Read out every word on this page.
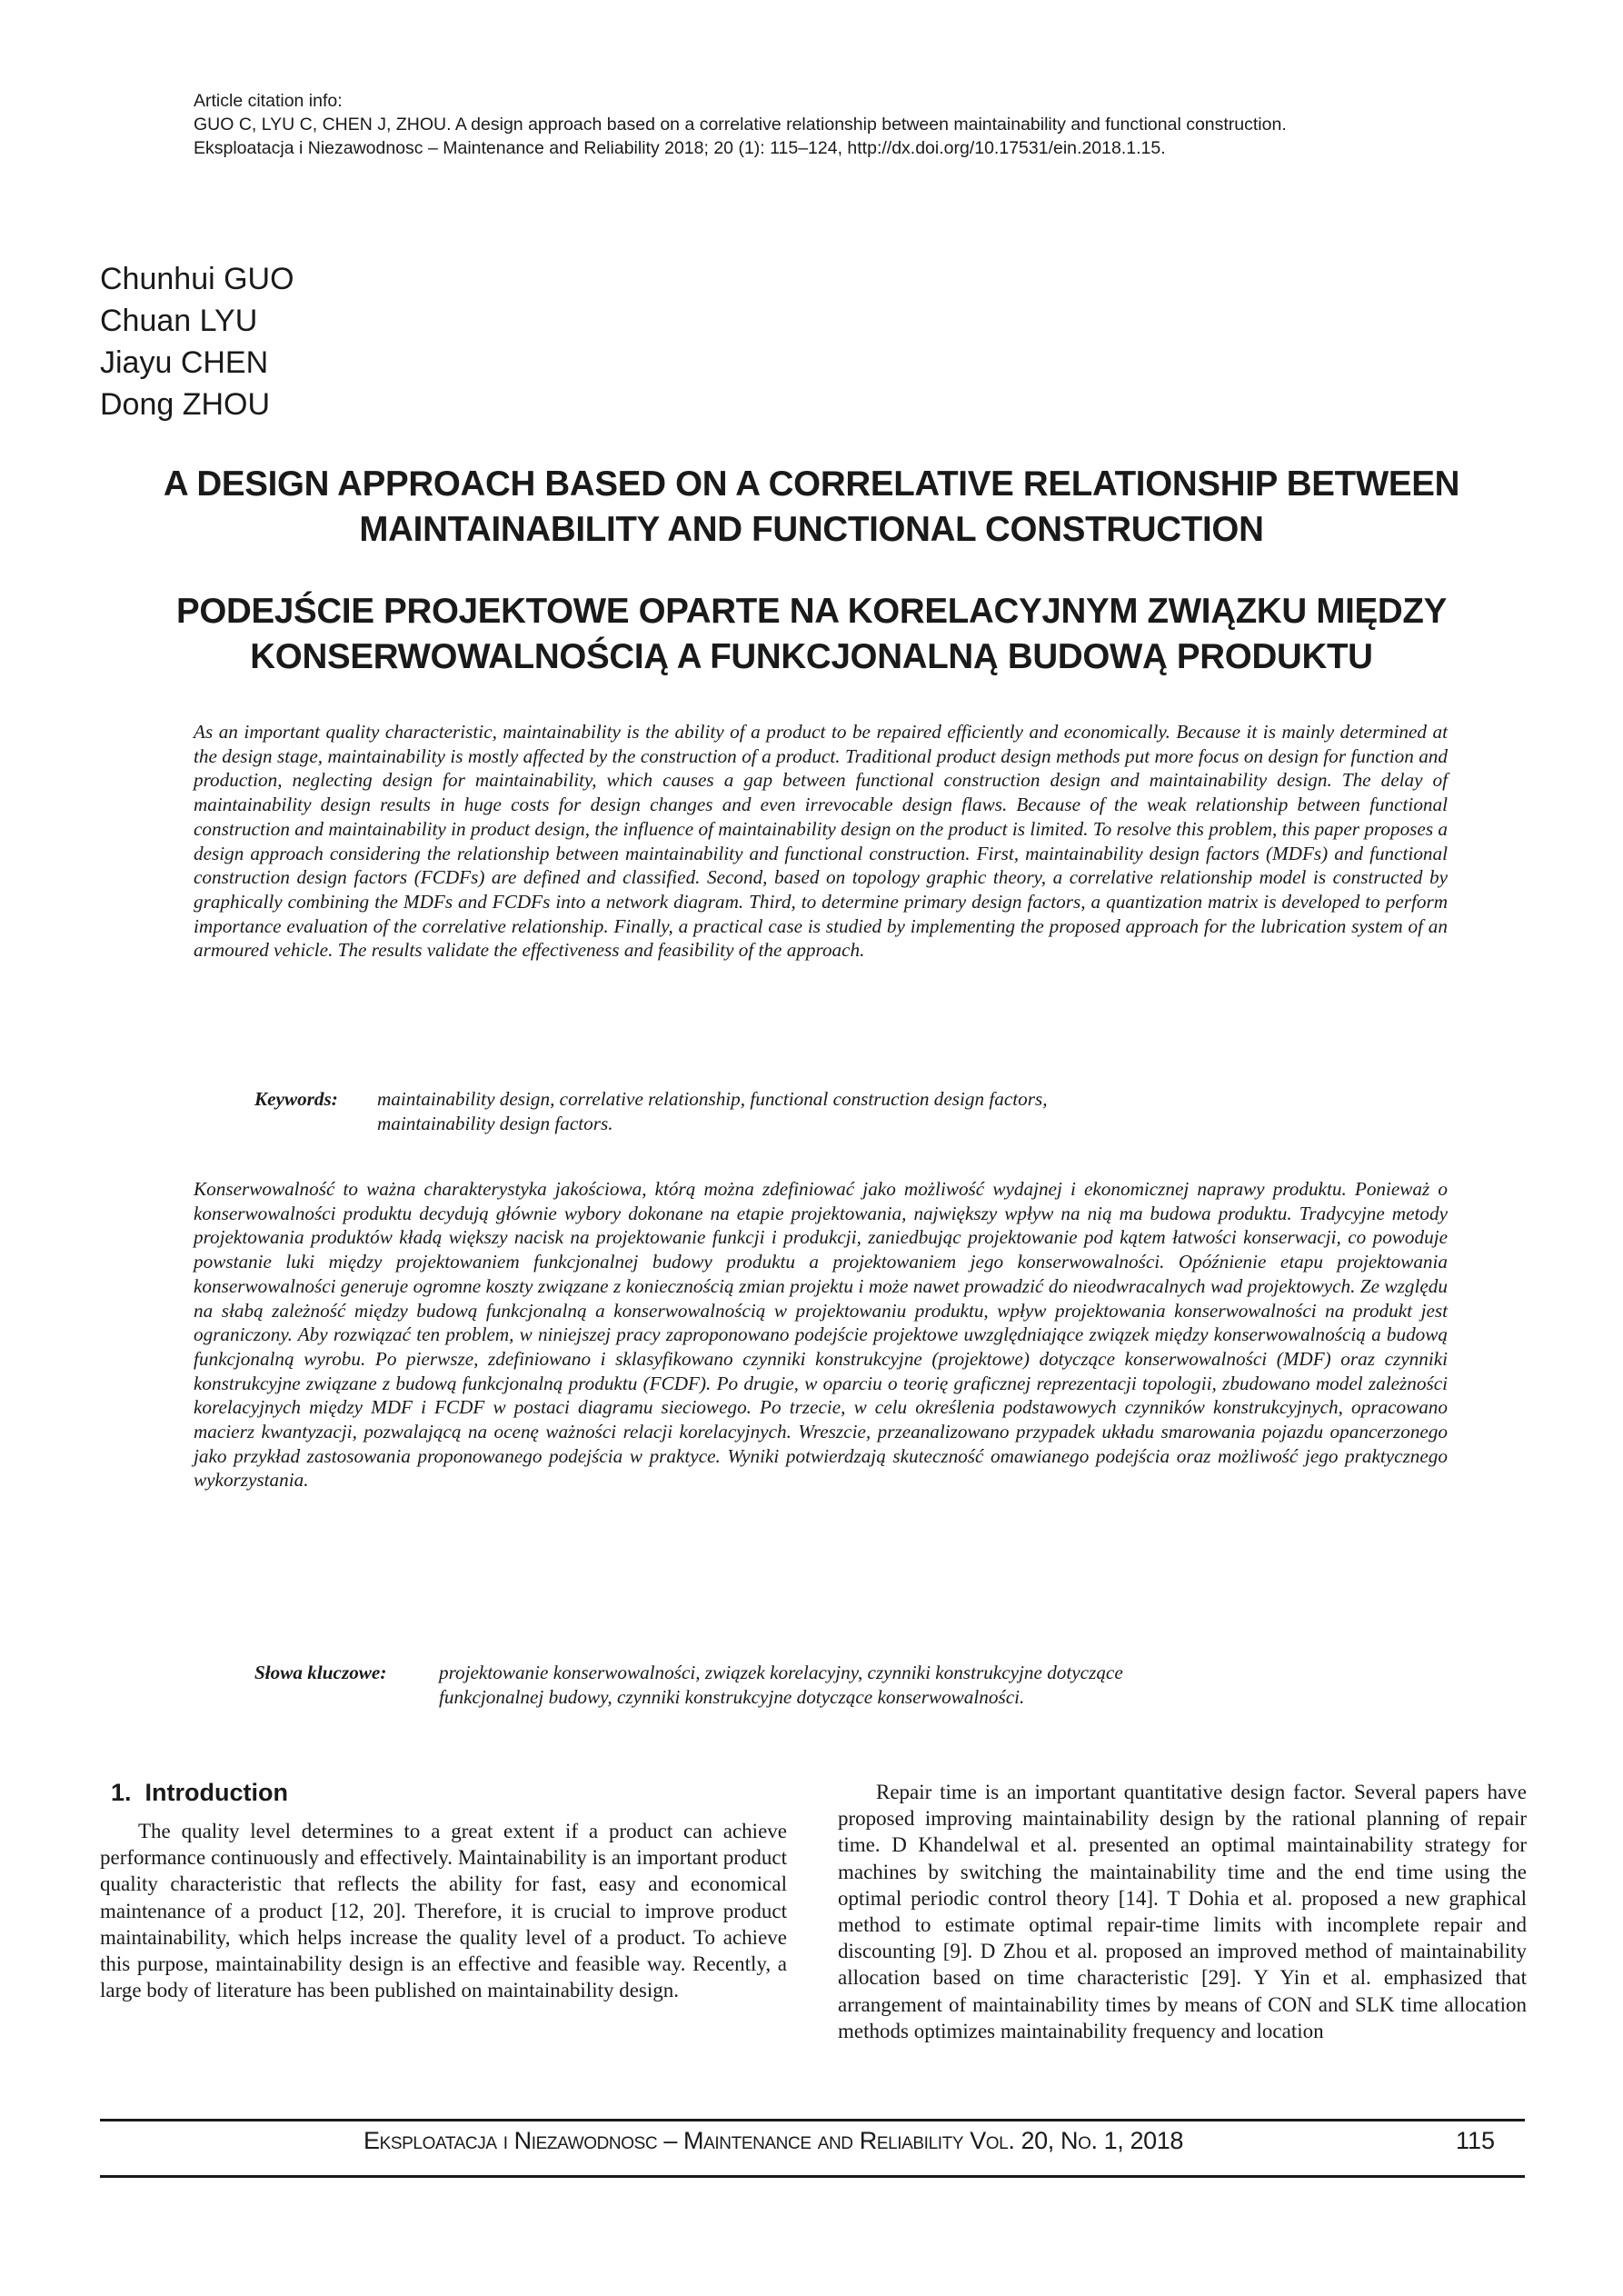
Article citation info:
GUO C, LYU C, CHEN J, ZHOU. A design approach based on a correlative relationship between maintainability and functional construction.
Eksploatacja i Niezawodnosc – Maintenance and Reliability 2018; 20 (1): 115–124, http://dx.doi.org/10.17531/ein.2018.1.15.
Chunhui GUO
Chuan LYU
Jiayu CHEN
Dong ZHOU
A DESIGN APPROACH BASED ON A CORRELATIVE RELATIONSHIP BETWEEN
MAINTAINABILITY AND FUNCTIONAL CONSTRUCTION
PODEJŚCIE PROJEKTOWE OPARTE NA KORELACYJNYM ZWIĄZKU MIĘDZY
KONSERWOWALNOŚCIĄ A FUNKCJONALNĄ BUDOWĄ PRODUKTU
As an important quality characteristic, maintainability is the ability of a product to be repaired efficiently and economically. Because it is mainly determined at the design stage, maintainability is mostly affected by the construction of a product. Traditional product design methods put more focus on design for function and production, neglecting design for maintainability, which causes a gap between functional construction design and maintainability design. The delay of maintainability design results in huge costs for design changes and even irrevocable design flaws. Because of the weak relationship between functional construction and maintainability in product design, the influence of maintainability design on the product is limited. To resolve this problem, this paper proposes a design approach considering the relationship between maintainability and functional construction. First, maintainability design factors (MDFs) and functional construction design factors (FCDFs) are defined and classified. Second, based on topology graphic theory, a correlative relationship model is constructed by graphically combining the MDFs and FCDFs into a network diagram. Third, to determine primary design factors, a quantization matrix is developed to perform importance evaluation of the correlative relationship. Finally, a practical case is studied by implementing the proposed approach for the lubrication system of an armoured vehicle. The results validate the effectiveness and feasibility of the approach.
Keywords: maintainability design, correlative relationship, functional construction design factors,
maintainability design factors.
Konserwowalność to ważna charakterystyka jakościowa, którą można zdefiniować jako możliwość wydajnej i ekonomicznej naprawy produktu. Ponieważ o konserwowalności produktu decydują głównie wybory dokonane na etapie projektowania, największy wpływ na nią ma budowa produktu. Tradycyjne metody projektowania produktów kładą większy nacisk na projektowanie funkcji i produkcji, zaniedbując projektowanie pod kątem łatwości konserwacji, co powoduje powstanie luki między projektowaniem funkcjonalnej budowy produktu a projektowaniem jego konserwowalności. Opóźnienie etapu projektowania konserwowalności generuje ogromne koszty związane z koniecznością zmian projektu i może nawet prowadzić do nieodwracalnych wad projektowych. Ze względu na słabą zależność między budową funkcjonalną a konserwowalnością w projektowaniu produktu, wpływ projektowania konserwowalności na produkt jest ograniczony. Aby rozwiązać ten problem, w niniejszej pracy zaproponowano podejście projektowe uwzględniające związek między konserwowalnością a budową funkcjonalną wyrobu. Po pierwsze, zdefiniowano i sklasyfikowano czynniki konstrukcyjne (projektowe) dotyczące konserwowalności (MDF) oraz czynniki konstrukcyjne związane z budową funkcjonalną produktu (FCDF). Po drugie, w oparciu o teorię graficznej reprezentacji topologii, zbudowano model zależności korelacyjnych między MDF i FCDF w postaci diagramu sieciowego. Po trzecie, w celu określenia podstawowych czynników konstrukcyjnych, opracowano macierz kwantyzacji, pozwalającą na ocenę ważności relacji korelacyjnych. Wreszcie, przeanalizowano przypadek układu smarowania pojazdu opancerzonego jako przykład zastosowania proponowanego podejścia w praktyce. Wyniki potwierdzają skuteczność omawianego podejścia oraz możliwość jego praktycznego wykorzystania.
Słowa kluczowe:	projektowanie konserwowalności, związek korelacyjny, czynniki konstrukcyjne dotyczące
funkcjonalnej budowy, czynniki konstrukcyjne dotyczące konserwowalności.
1.  Introduction

The quality level determines to a great extent if a product can achieve performance continuously and effectively. Maintainability is an important product quality characteristic that reflects the ability for fast, easy and economical maintenance of a product [12, 20]. Therefore, it is crucial to improve product maintainability, which helps increase the quality level of a product. To achieve this purpose, maintainability design is an effective and feasible way. Recently, a large body of literature has been published on maintainability design.

Repair time is an important quantitative design factor. Several papers have proposed improving maintainability design by the rational planning of repair time. D Khandelwal et al. presented an optimal maintainability strategy for machines by switching the maintainability time and the end time using the optimal periodic control theory [14]. T Dohia et al. proposed a new graphical method to estimate optimal repair-time limits with incomplete repair and discounting [9]. D Zhou et al. proposed an improved method of maintainability allocation based on time characteristic [29]. Y Yin et al. emphasized that arrangement of maintainability times by means of CON and SLK time allocation methods optimizes maintainability frequency and location

Eksploatacja i Niezawodnosc – Maintenance and Reliability Vol. 20, No. 1, 2018	115
